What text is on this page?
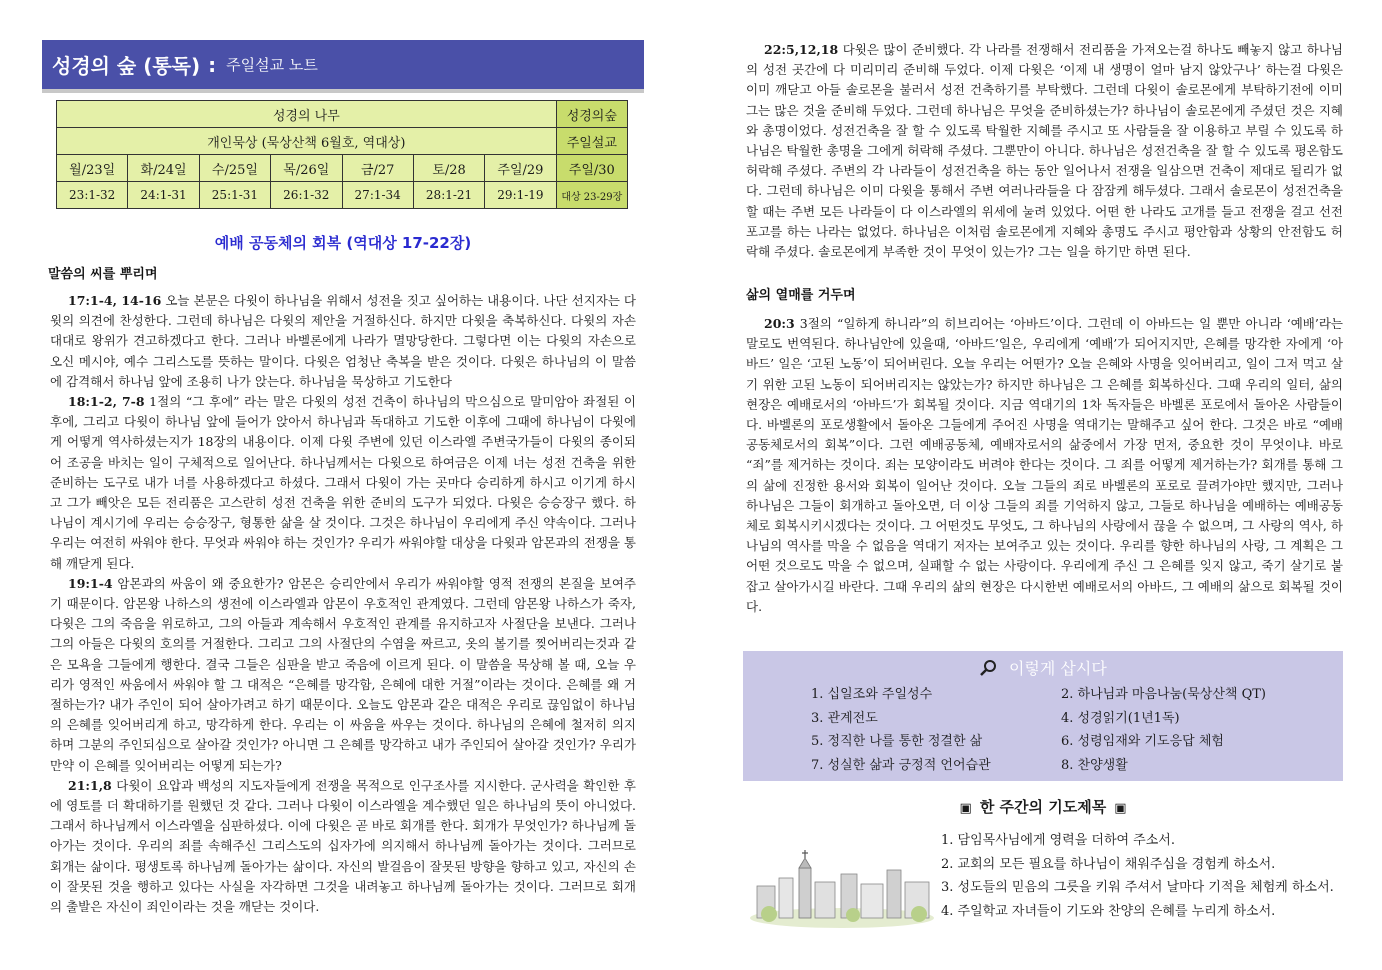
성경의 숲 (통독) : 주일설교 노트
성경의 나무							성경의숲
개인묵상 (묵상산책 6월호, 역대상)							주일설교
월/23일	화/24일	수/25일	목/26일	금/27	토/28	주일/29	주일/30
23:1-32	24:1-31	25:1-31	26:1-32	27:1-34	28:1-21	29:1-19	대상 23-29장
예배 공동체의 회복 (역대상 17-22장)
말씀의 씨를 뿌리며

17:1-4, 14-16 오늘 본문은 다윗이 하나님을 위해서 성전을 짓고 싶어하는 내용이다. 나단 선지자는 다윗의 의견에 찬성한다. 그런데 하나님은 다윗의 제안을 거절하신다. 하지만 다윗을 축복하신다. 다윗의 자손대대로 왕위가 견고하겠다고 한다. 그러나 바벨론에게 나라가 멸망당한다. 그렇다면 이는 다윗의 자손으로 오신 메시야, 예수 그리스도를 뜻하는 말이다. 다윗은 엄청난 축복을 받은 것이다. 다윗은 하나님의 이 말씀에 감격해서 하나님 앞에 조용히 나가 앉는다. 하나님을 묵상하고 기도한다

18:1-2, 7-8 1절의 “그 후에” 라는 말은 다윗의 성전 건축이 하나님의 막으심으로 말미암아 좌절된 이후에, 그리고 다윗이 하나님 앞에 들어가 앉아서 하나님과 독대하고 기도한 이후에 그때에 하나님이 다윗에게 어떻게 역사하셨는지가 18장의 내용이다. 이제 다윗 주변에 있던 이스라엘 주변국가들이 다윗의 종이되어 조공을 바치는 일이 구체적으로 일어난다. 하나님께서는 다윗으로 하여금은 이제 너는 성전 건축을 위한 준비하는 도구로 내가 너를 사용하겠다고 하셨다. 그래서 다윗이 가는 곳마다 승리하게 하시고 이기게 하시고 그가 빼앗은 모든 전리품은 고스란히 성전 건축을 위한 준비의 도구가 되었다. 다윗은 승승장구 했다. 하나님이 계시기에 우리는 승승장구, 형통한 삶을 살 것이다. 그것은 하나님이 우리에게 주신 약속이다. 그러나 우리는 여전히 싸워야 한다. 무엇과 싸워야 하는 것인가? 우리가 싸워야할 대상을 다윗과 암몬과의 전쟁을 통해 깨닫게 된다.

19:1-4 암몬과의 싸움이 왜 중요한가? 암몬은 승리안에서 우리가 싸워야할 영적 전쟁의 본질을 보여주기 때문이다. 암몬왕 나하스의 생전에 이스라엘과 암몬이 우호적인 관계였다. 그런데 암몬왕 나하스가 죽자, 다윗은 그의 죽음을 위로하고, 그의 아들과 계속해서 우호적인 관계를 유지하고자 사절단을 보낸다. 그러나 그의 아들은 다윗의 호의를 거절한다. 그리고 그의 사절단의 수염을 짜르고, 옷의 볼기를 찢어버리는것과 같은 모욕을 그들에게 행한다. 결국 그들은 심판을 받고 죽음에 이르게 된다. 이 말씀을 묵상해 볼 때, 오늘 우리가 영적인 싸움에서 싸워야 할 그 대적은 “은혜를 망각함, 은혜에 대한 거절”이라는 것이다. 은혜를 왜 거절하는가? 내가 주인이 되어 살아가려고 하기 때문이다. 오늘도 암몬과 같은 대적은 우리로 끊임없이 하나님의 은혜를 잊어버리게 하고, 망각하게 한다. 우리는 이 싸움을 싸우는 것이다. 하나님의 은혜에 철저히 의지하며 그분의 주인되심으로 살아갈 것인가? 아니면 그 은혜를 망각하고 내가 주인되어 살아갈 것인가? 우리가 만약 이 은혜를 잊어버리는 어떻게 되는가?

21:1,8 다윗이 요압과 백성의 지도자들에게 전쟁을 목적으로 인구조사를 지시한다. 군사력을 확인한 후에 영토를 더 확대하기를 원했던 것 같다. 그러나 다윗이 이스라엘을 계수했던 일은 하나님의 뜻이 아니었다. 그래서 하나님께서 이스라엘을 심판하셨다. 이에 다윗은 곧 바로 회개를 한다. 회개가 무엇인가? 하나님께 돌아가는 것이다. 우리의 죄를 속해주신 그리스도의 십자가에 의지해서 하나님께 돌아가는 것이다. 그러므로 회개는 삶이다. 평생토록 하나님께 돌아가는 삶이다. 자신의 발걸음이 잘못된 방향을 향하고 있고, 자신의 손이 잘못된 것을 행하고 있다는 사실을 자각하면 그것을 내려놓고 하나님께 돌아가는 것이다. 그러므로 회개의 출발은 자신이 죄인이라는 것을 깨닫는 것이다.

22:5,12,18 다윗은 많이 준비했다. 각 나라를 전쟁해서 전리품을 가져오는걸 하나도 빼놓지 않고 하나님의 성전 곳간에 다 미리미리 준비해 두었다. 이제 다윗은 ‘이제 내 생명이 얼마 남지 않았구나’ 하는걸 다윗은 이미 깨닫고 아들 솔로몬을 불러서 성전 건축하기를 부탁했다. 그런데 다윗이 솔로몬에게 부탁하기전에 이미 그는 많은 것을 준비해 두었다. 그런데 하나님은 무엇을 준비하셨는가? 하나님이 솔로몬에게 주셨던 것은 지혜와 총명이었다. 성전건축을 잘 할 수 있도록 탁월한 지혜를 주시고 또 사람들을 잘 이용하고 부릴 수 있도록 하나님은 탁월한 총명을 그에게 허락해 주셨다. 그뿐만이 아니다. 하나님은 성전건축을 잘 할 수 있도록 평온함도 허락해 주셨다. 주변의 각 나라들이 성전건축을 하는 동안 일어나서 전쟁을 일삼으면 건축이 제대로 될리가 없다. 그런데 하나님은 이미 다윗을 통해서 주변 여러나라들을 다 잠잠케 해두셨다. 그래서 솔로몬이 성전건축을 할 때는 주변 모든 나라들이 다 이스라엘의 위세에 눌려 있었다. 어떤 한 나라도 고개를 들고 전쟁을 걸고 선전포고를 하는 나라는 없었다. 하나님은 이처럼 솔로몬에게 지혜와 총명도 주시고 평안함과 상황의 안전함도 허락해 주셨다. 솔로몬에게 부족한 것이 무엇이 있는가? 그는 일을 하기만 하면 된다.

삶의 열매를 거두며

20:3 3절의 “일하게 하니라”의 히브리어는 ‘아바드’이다. 그런데 이 아바드는 일 뿐만 아니라 ‘예배’라는 말로도 번역된다. 하나님안에 있을때, ‘아바드’일은, 우리에게 ‘예배’가 되어지지만, 은혜를 망각한 자에게 ‘아바드’ 일은 ‘고된 노동’이 되어버린다. 오늘 우리는 어떤가? 오늘 은혜와 사명을 잊어버리고, 일이 그저 먹고 살기 위한 고된 노동이 되어버리지는 않았는가? 하지만 하나님은 그 은혜를 회복하신다. 그때 우리의 일터, 삶의 현장은 예배로서의 ‘아바드’가 회복될 것이다. 지금 역대기의 1차 독자들은 바벨론 포로에서 돌아온 사람들이다. 바벨론의 포로생활에서 돌아온 그들에게 주어진 사명을 역대기는 말해주고 싶어 한다. 그것은 바로 “예배 공동체로서의 회복”이다. 그런 예배공동체, 예배자로서의 삶중에서 가장 먼저, 중요한 것이 무엇이냐. 바로 “죄”를 제거하는 것이다. 죄는 모양이라도 버려야 한다는 것이다. 그 죄를 어떻게 제거하는가? 회개를 통해 그의 삶에 진정한 용서와 회복이 일어난 것이다. 오늘 그들의 죄로 바벨론의 포로로 끌려가야만 했지만, 그러나 하나님은 그들이 회개하고 돌아오면, 더 이상 그들의 죄를 기억하지 않고, 그들로 하나님을 예배하는 예배공동체로 회복시키시겠다는 것이다. 그 어떤것도 무엇도, 그 하나님의 사랑에서 끊을 수 없으며, 그 사랑의 역사, 하나님의 역사를 막을 수 없음을 역대기 저자는 보여주고 있는 것이다. 우리를 향한 하나님의 사랑, 그 계획은 그 어떤 것으로도 막을 수 없으며, 실패할 수 없는 사랑이다. 우리에게 주신 그 은혜를 잊지 않고, 죽기 살기로 붙잡고 살아가시길 바란다. 그때 우리의 삶의 현장은 다시한번 예배로서의 아바드, 그 예배의 삶으로 회복될 것이다.

이렇게 삽시다
1. 십일조와 주일성수	2. 하나님과 마음나눔(묵상산책 QT)
3. 관계전도	4. 성경읽기(1년1독)
5. 정직한 나를 통한 정결한 삶	6. 성령임재와 기도응답 체험
7. 성실한 삶과 긍정적 언어습관	8. 찬양생활
▣ 한 주간의 기도제목 ▣
1. 담임목사님에게 영력을 더하여 주소서.
2. 교회의 모든 필요를 하나님이 채워주심을 경험케 하소서.
3. 성도들의 믿음의 그릇을 키워 주셔서 날마다 기적을 체험케 하소서.
4. 주일학교 자녀들이 기도와 찬양의 은혜를 누리게 하소서.
